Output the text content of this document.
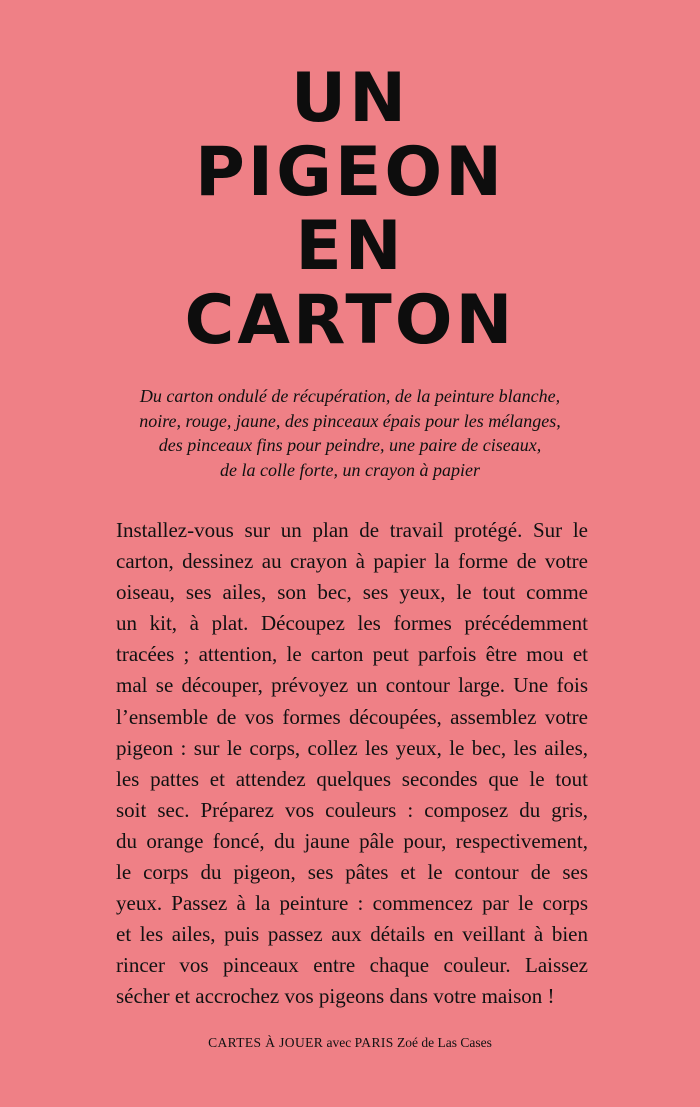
UN
PIGEON
EN
CARTON

Du carton ondulé de récupération, de la peinture blanche,
noire, rouge, jaune, des pinceaux épais pour les mélanges,
des pinceaux fins pour peindre, une paire de ciseaux,
de la colle forte, un crayon à papier

Installez-vous sur un plan de travail protégé. Sur le
carton, dessinez au crayon à papier la forme de votre
oiseau, ses ailes, son bec, ses yeux, le tout comme
un kit, à plat. Découpez les formes précédemment
tracées ; attention, le carton peut parfois être mou et
mal se découper, prévoyez un contour large. Une fois
l’ensemble de vos formes découpées, assemblez votre
pigeon : sur le corps, collez les yeux, le bec, les ailes,
les pattes et attendez quelques secondes que le tout
soit sec. Préparez vos couleurs : composez du gris,
du orange foncé, du jaune pâle pour, respectivement,
le corps du pigeon, ses pâtes et le contour de ses
yeux. Passez à la peinture : commencez par le corps
et les ailes, puis passez aux détails en veillant à bien
rincer vos pinceaux entre chaque couleur. Laissez
sécher et accrochez vos pigeons dans votre maison !

CARTES À JOUER avec PARIS Zoé de Las Cases
